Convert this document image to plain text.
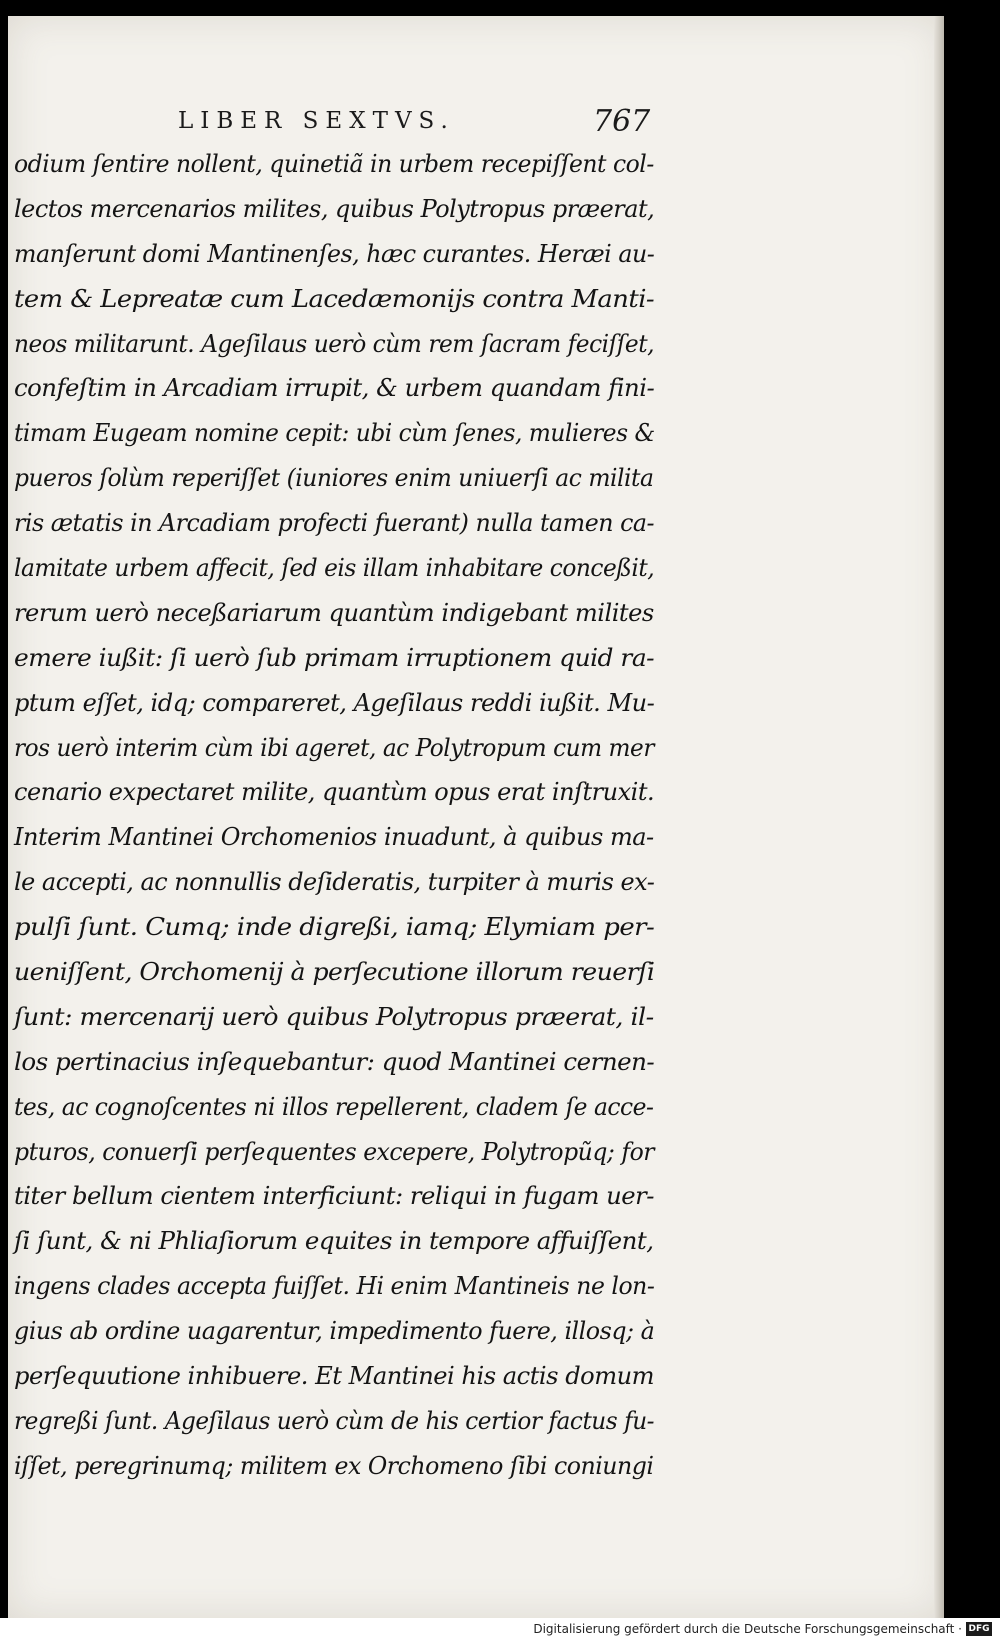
LIBER SEXTVS.	767
odium ſentire nollent, quinetiã in urbem recepiſſent col-
lectos mercenarios milites, quibus Polytropus præerat,
manſerunt domi Mantinenſes, hæc curantes. Heræi au-
tem & Lepreatæ cum Lacedæmonijs contra Manti-
neos militarunt. Ageſilaus uerò cùm rem ſacram feciſſet,
confeſtim in Arcadiam irrupit, & urbem quandam fini-
timam Eugeam nomine cepit: ubi cùm ſenes, mulieres &
pueros ſolùm reperiſſet (iuniores enim uniuerſi ac milita
ris ætatis in Arcadiam profecti fuerant) nulla tamen ca-
lamitate urbem affecit, ſed eis illam inhabitare conceßit,
rerum uerò neceßariarum quantùm indigebant milites
emere iußit: ſi uerò ſub primam irruptionem quid ra-
ptum eſſet, idq; compareret, Ageſilaus reddi iußit. Mu-
ros uerò interim cùm ibi ageret, ac Polytropum cum mer
cenario expectaret milite, quantùm opus erat inſtruxit.
Interim Mantinei Orchomenios inuadunt, à quibus ma-
le accepti, ac nonnullis deſideratis, turpiter à muris ex-
pulſi ſunt. Cumq; inde digreßi, iamq; Elymiam per-
ueniſſent, Orchomenij à perſecutione illorum reuerſi
ſunt: mercenarij uerò quibus Polytropus præerat, il-
los pertinacius inſequebantur: quod Mantinei cernen-
tes, ac cognoſcentes ni illos repellerent, cladem ſe acce-
pturos, conuerſi perſequentes excepere, Polytropũq; for
titer bellum cientem interficiunt: reliqui in fugam uer-
ſi ſunt, & ni Phliaſiorum equites in tempore affuiſſent,
ingens clades accepta fuiſſet. Hi enim Mantineis ne lon-
gius ab ordine uagarentur, impedimento fuere, illosq; à
perſequutione inhibuere. Et Mantinei his actis domum
regreßi ſunt. Ageſilaus uerò cùm de his certior factus fu-
iſſet, peregrinumq; militem ex Orchomeno ſibi coniungi
Digitalisierung gefördert durch die Deutsche Forschungsgemeinschaft · DFG
